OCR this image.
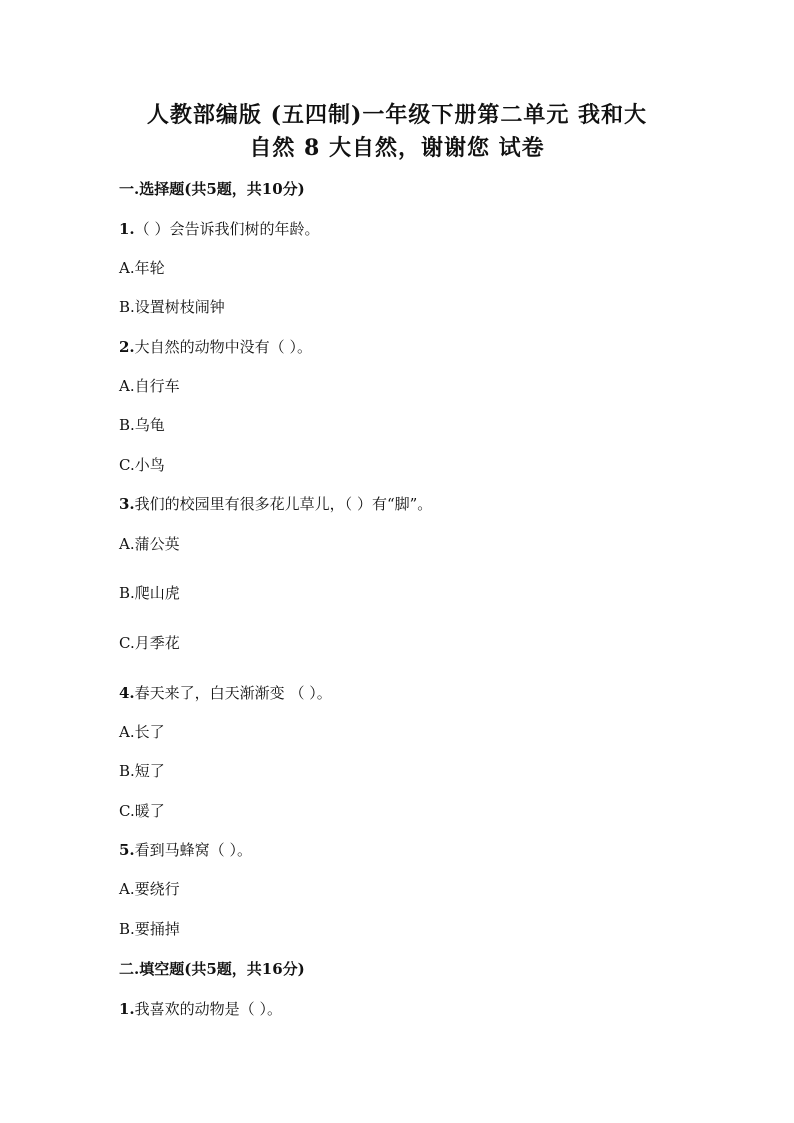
人教部编版 (五四制)一年级下册第二单元 我和大
自然 8 大自然，谢谢您 试卷
一.选择题(共5题，共10分)
1.（ ）会告诉我们树的年龄。
A.年轮
B.设置树枝闹钟
2.大自然的动物中没有（ ）。
A.自行车
B.乌龟
C.小鸟
3.我们的校园里有很多花儿草儿，（ ）有“脚”。
A.蒲公英
B.爬山虎
C.月季花
4.春天来了，白天渐渐变 （ ）。
A.长了
B.短了
C.暖了
5.看到马蜂窝（ ）。
A.要绕行
B.要捅掉
二.填空题(共5题，共16分)
1.我喜欢的动物是（ ）。
